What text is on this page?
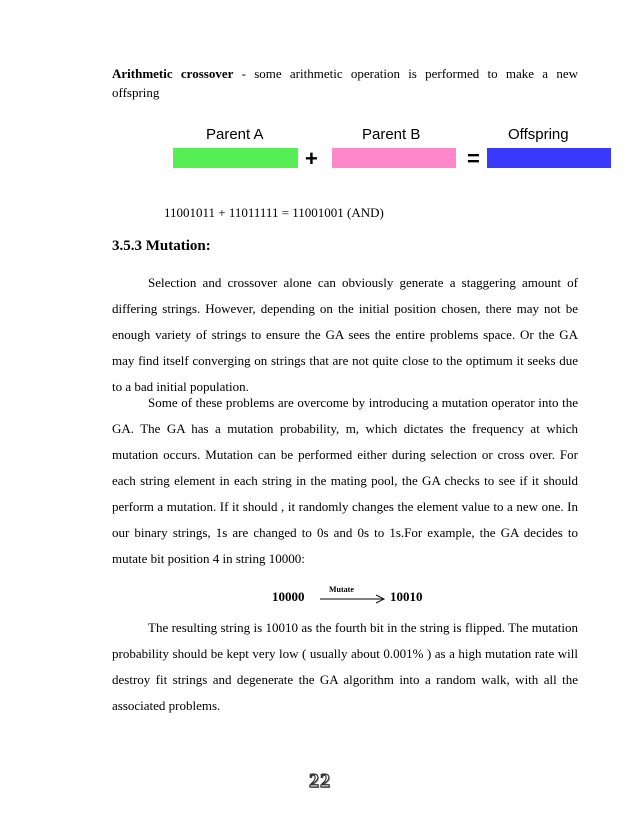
Arithmetic crossover - some arithmetic operation is performed to make a new
offspring
Parent A	Parent B	Offspring
+	=
11001011 + 11011111 = 11001001 (AND)
3.5.3 Mutation:
Selection and crossover alone can obviously generate a staggering amount of differing strings. However, depending on the initial position chosen, there may not be enough variety of strings to ensure the GA sees the entire problems space. Or the GA may find itself converging on strings that are not quite close to the optimum it seeks due to a bad initial population.
Some of these problems are overcome by introducing a mutation operator into the GA. The GA has a mutation probability, m, which dictates the frequency at which mutation occurs. Mutation can be performed either during selection or cross over. For each string element in each string in the mating pool, the GA checks to see if it should perform a mutation. If it should , it randomly changes the element value to a new one. In our binary strings, 1s are changed to 0s and 0s to 1s.For example, the GA decides to mutate bit position 4 in string 10000:
10000	Mutate	10010
The resulting string is 10010 as the fourth bit in the string is flipped. The mutation probability should be kept very low ( usually about 0.001% ) as a high mutation rate will destroy fit strings and degenerate the GA algorithm into a random walk, with all the associated problems.
22
